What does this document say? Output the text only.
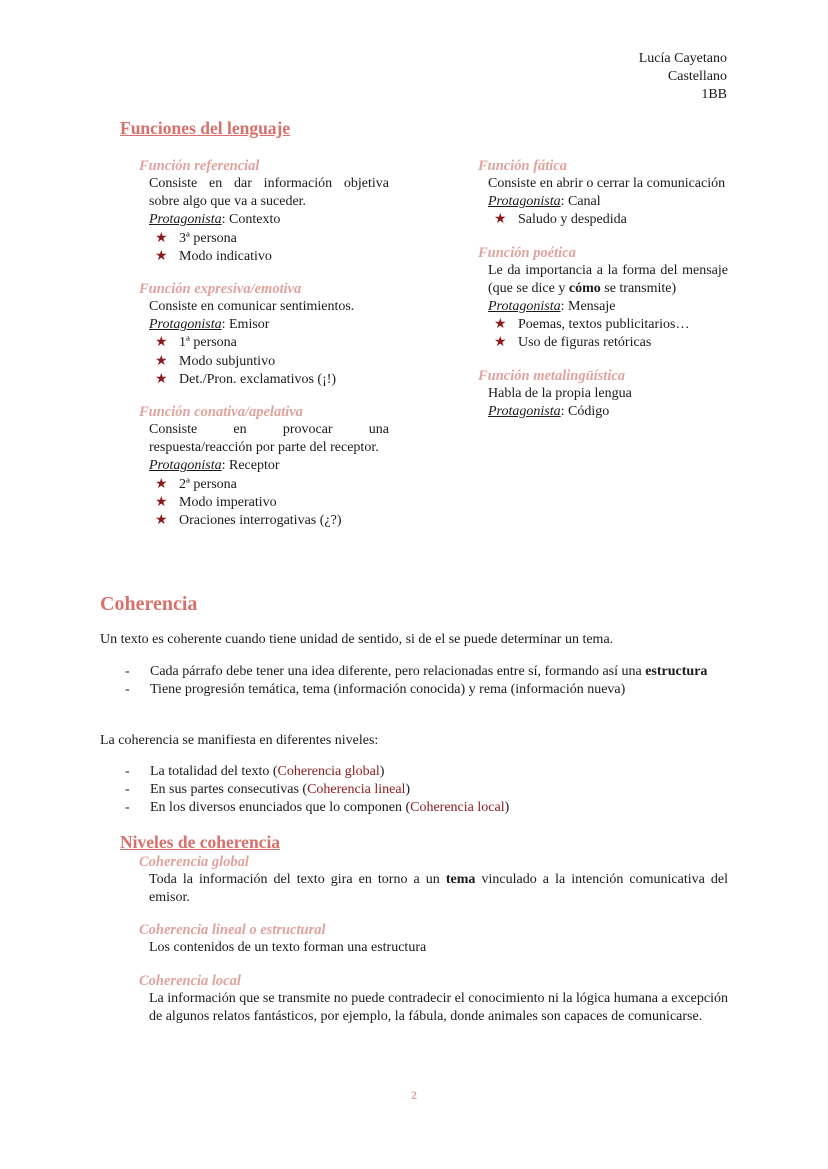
Lucía Cayetano
Castellano
1BB
Funciones del lenguaje
Función referencial
Consiste en dar información objetiva sobre algo que va a suceder.
Protagonista: Contexto
★ 3ª persona
★ Modo indicativo
Función expresiva/emotiva
Consiste en comunicar sentimientos.
Protagonista: Emisor
★ 1ª persona
★ Modo subjuntivo
★ Det./Pron. exclamativos (¡!)
Función conativa/apelativa
Consiste en provocar una respuesta/reacción por parte del receptor.
Protagonista: Receptor
★ 2ª persona
★ Modo imperativo
★ Oraciones interrogativas (¿?)
Función fática
Consiste en abrir o cerrar la comunicación
Protagonista: Canal
★ Saludo y despedida
Función poética
Le da importancia a la forma del mensaje (que se dice y cómo se transmite)
Protagonista: Mensaje
★ Poemas, textos publicitarios…
★ Uso de figuras retóricas
Función metalingüística
Habla de la propia lengua
Protagonista: Código
Coherencia
Un texto es coherente cuando tiene unidad de sentido, si de el se puede determinar un tema.
- Cada párrafo debe tener una idea diferente, pero relacionadas entre sí, formando así una estructura
- Tiene progresión temática, tema (información conocida) y rema (información nueva)
La coherencia se manifiesta en diferentes niveles:
- La totalidad del texto (Coherencia global)
- En sus partes consecutivas (Coherencia lineal)
- En los diversos enunciados que lo componen (Coherencia local)
Niveles de coherencia
Coherencia global
Toda la información del texto gira en torno a un tema vinculado a la intención comunicativa del emisor.
Coherencia lineal o estructural
Los contenidos de un texto forman una estructura
Coherencia local
La información que se transmite no puede contradecir el conocimiento ni la lógica humana a excepción de algunos relatos fantásticos, por ejemplo, la fábula, donde animales son capaces de comunicarse.
2
